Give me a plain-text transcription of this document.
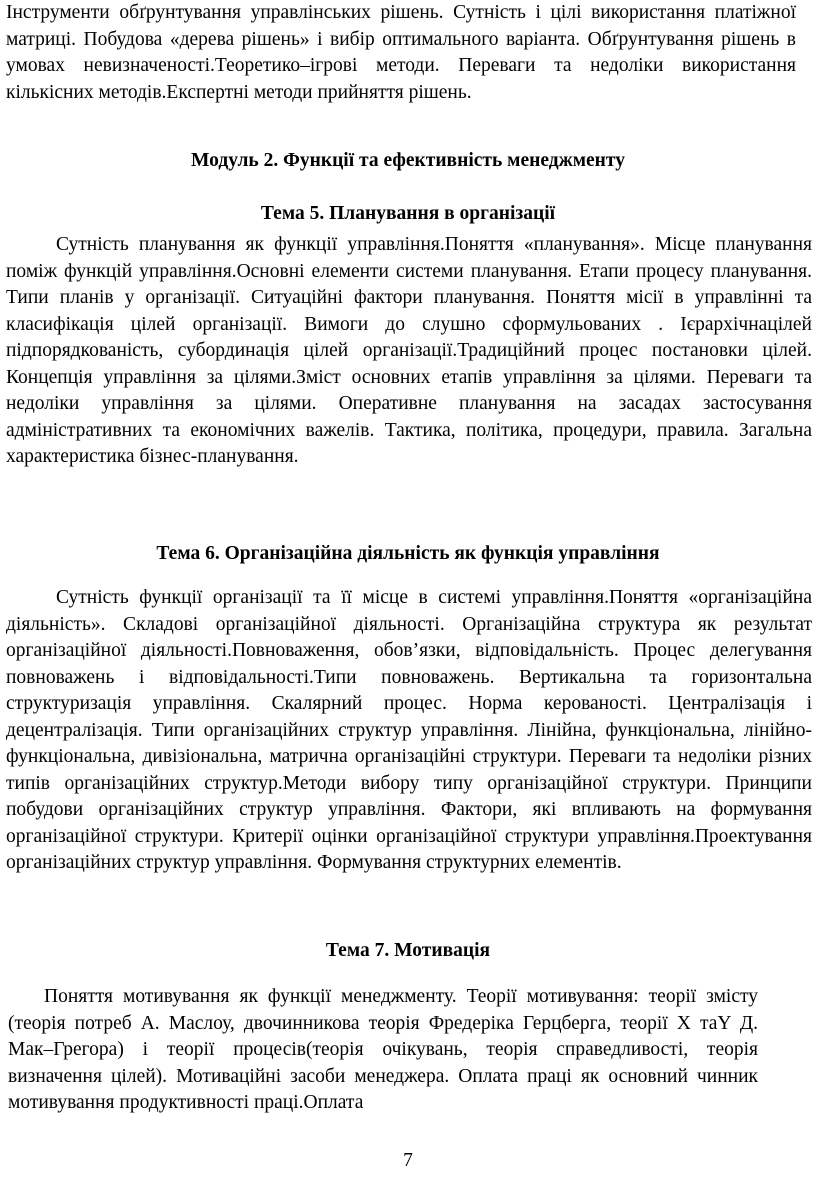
Інструменти обґрунтування управлінських рішень. Сутність і цілі використання платіжної матриці. Побудова «дерева рішень» і вибір оптимального варіанта. Обґрунтування рішень в умовах невизначеності.Теоретико–ігрові методи. Переваги та недоліки використання кількісних методів.Експертні методи прийняття рішень.

Модуль 2. Функції та ефективність менеджменту
Тема 5. Планування в організації

Сутність планування як функції управління.Поняття «планування». Місце планування поміж функцій управління.Основні елементи системи планування. Етапи процесу планування. Типи планів у організації. Ситуаційні фактори планування. Поняття місії в управлінні та класифікація цілей організації. Вимоги до слушно сформульованих . Ієрархічнацілей підпорядкованість, субординація цілей організації.Традиційний процес постановки цілей. Концепція управління за цілями.Зміст основних етапів управління за цілями. Переваги та недоліки управління за цілями. Оперативне планування на засадах застосування адміністративних та економічних важелів. Тактика, політика, процедури, правила. Загальна характеристика бізнес-планування.

Тема 6. Організаційна діяльність як функція управління

Сутність функції організації та її місце в системі управління.Поняття «організаційна діяльність». Складові організаційної діяльності. Організаційна структура як результат організаційної діяльності.Повноваження, обов’язки, відповідальність. Процес делегування повноважень і відповідальності.Типи повноважень. Вертикальна та горизонтальна структуризація управління. Скалярний процес. Норма керованості. Централізація і децентралізація. Типи організаційних структур управління. Лінійна, функціональна, лінійно-функціональна, дивізіональна, матрична організаційні структури. Переваги та недоліки різних типів організаційних структур.Методи вибору типу організаційної структури. Принципи побудови організаційних структур управління. Фактори, які впливають на формування організаційної структури. Критерії оцінки організаційної структури управління.Проектування організаційних структур управління. Формування структурних елементів.

Тема 7. Мотивація

Поняття мотивування як функції менеджменту. Теорії мотивування: теорії змісту (теорія потреб А. Маслоу, двочинникова теорія Фредеріка Герцберга, теорії X таY Д. Мак–Грегора) і теорії процесів(теорія очікувань, теорія справедливості, теорія визначення цілей). Мотиваційні засоби менеджера. Оплата праці як основний чинник мотивування продуктивності праці.Оплата

7
